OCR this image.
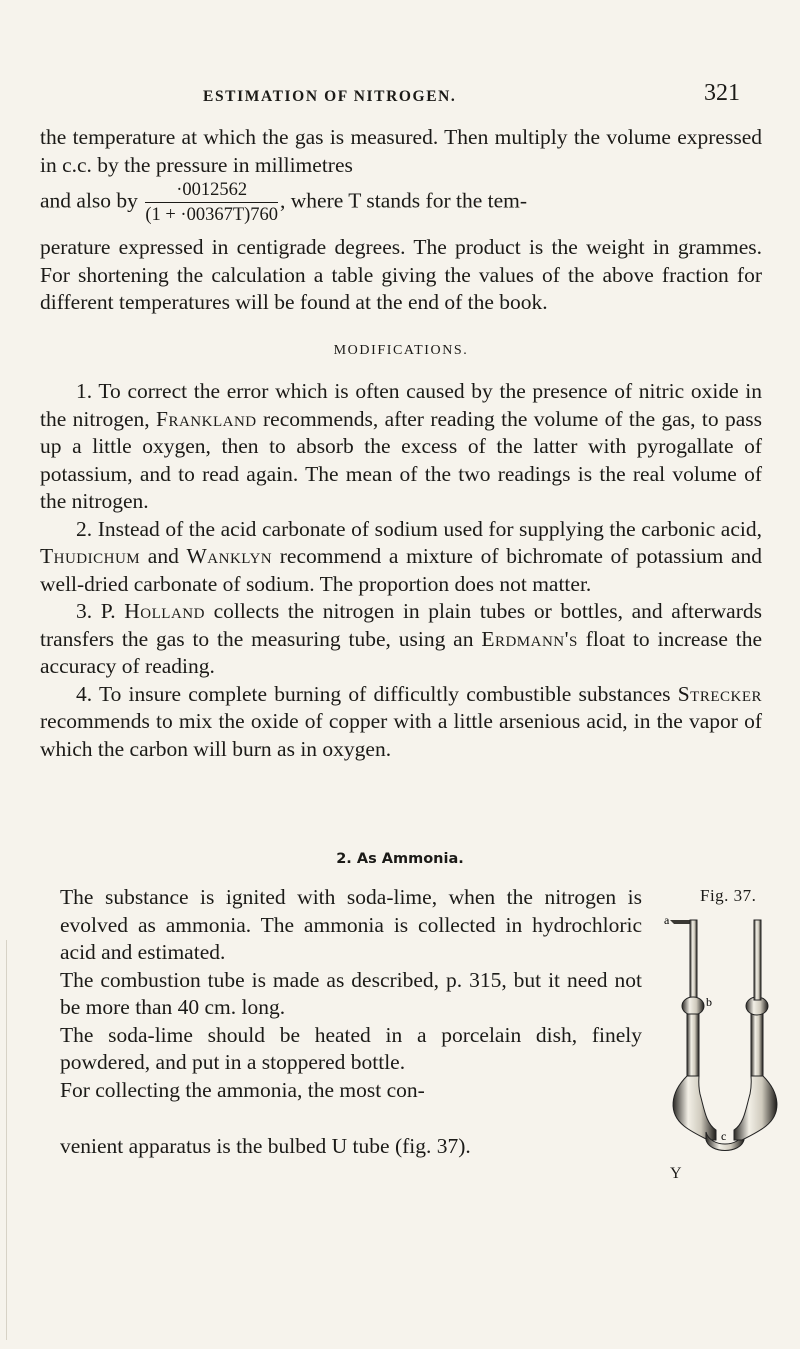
ESTIMATION OF NITROGEN.	321

the temperature at which the gas is measured. Then multiply the volume expressed in c.c. by the pressure in millimetres

and also by $\frac{\cdot 0012562}{(1 + \cdot 00367T)760}$ , where T stands for the tem-

perature expressed in centigrade degrees. The product is the weight in grammes. For shortening the calculation a table giving the values of the above fraction for different temperatures will be found at the end of the book.

MODIFICATIONS.

1. To correct the error which is often caused by the presence of nitric oxide in the nitrogen, Frankland recommends, after reading the volume of the gas, to pass up a little oxygen, then to absorb the excess of the latter with pyrogallate of potassium, and to read again. The mean of the two readings is the real volume of the nitrogen.

2. Instead of the acid carbonate of sodium used for supplying the carbonic acid, Thudichum and Wanklyn recommend a mixture of bichromate of potassium and well-dried carbonate of sodium. The proportion does not matter.

3. P. Holland collects the nitrogen in plain tubes or bottles, and afterwards transfers the gas to the measuring tube, using an Erdmann's float to increase the accuracy of reading.

4. To insure complete burning of difficultly combustible substances Strecker recommends to mix the oxide of copper with a little arsenious acid, in the vapor of which the carbon will burn as in oxygen.

2. As Ammonia.

The substance is ignited with soda-lime, when the nitrogen is evolved as ammonia. The ammonia is collected in hydrochloric acid and estimated.

The combustion tube is made as described, p. 315, but it need not be more than 40 cm. long.

The soda-lime should be heated in a porcelain dish, finely powdered, and put in a stoppered bottle.

For collecting the ammonia, the most con-

venient apparatus is the bulbed U tube (fig. 37).
Fig. 37.
a
b
c
Y
